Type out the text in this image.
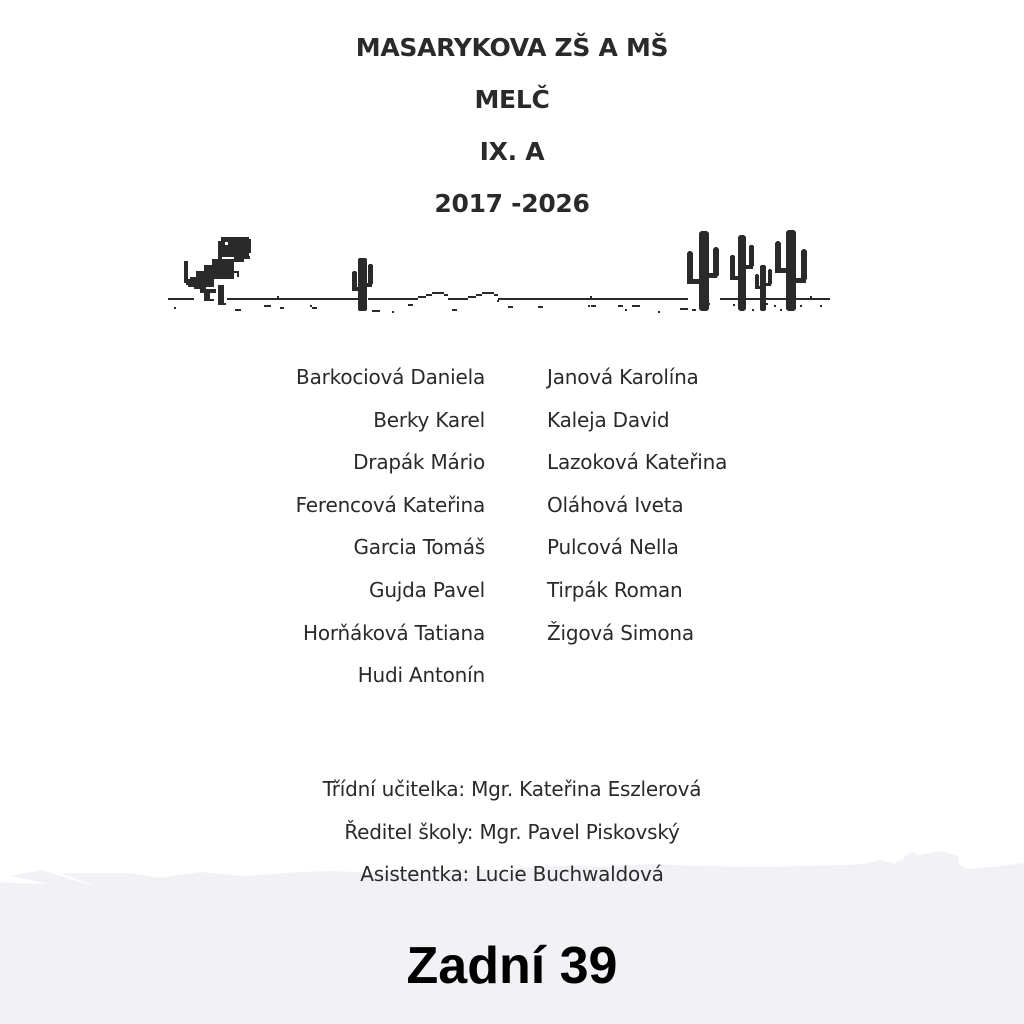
MASARYKOVA ZŠ A MŠ
MELČ
IX. A
2017 -2026
Barkociová Daniela
Berky Karel
Drapák Mário
Ferencová Kateřina
Garcia Tomáš
Gujda Pavel
Horňáková Tatiana
Hudi Antonín
Janová Karolína
Kaleja David
Lazoková Kateřina
Oláhová Iveta
Pulcová Nella
Tirpák Roman
Žigová Simona
Třídní učitelka: Mgr. Kateřina Eszlerová
Ředitel školy: Mgr. Pavel Piskovský
Asistentka: Lucie Buchwaldová
Zadní 39
